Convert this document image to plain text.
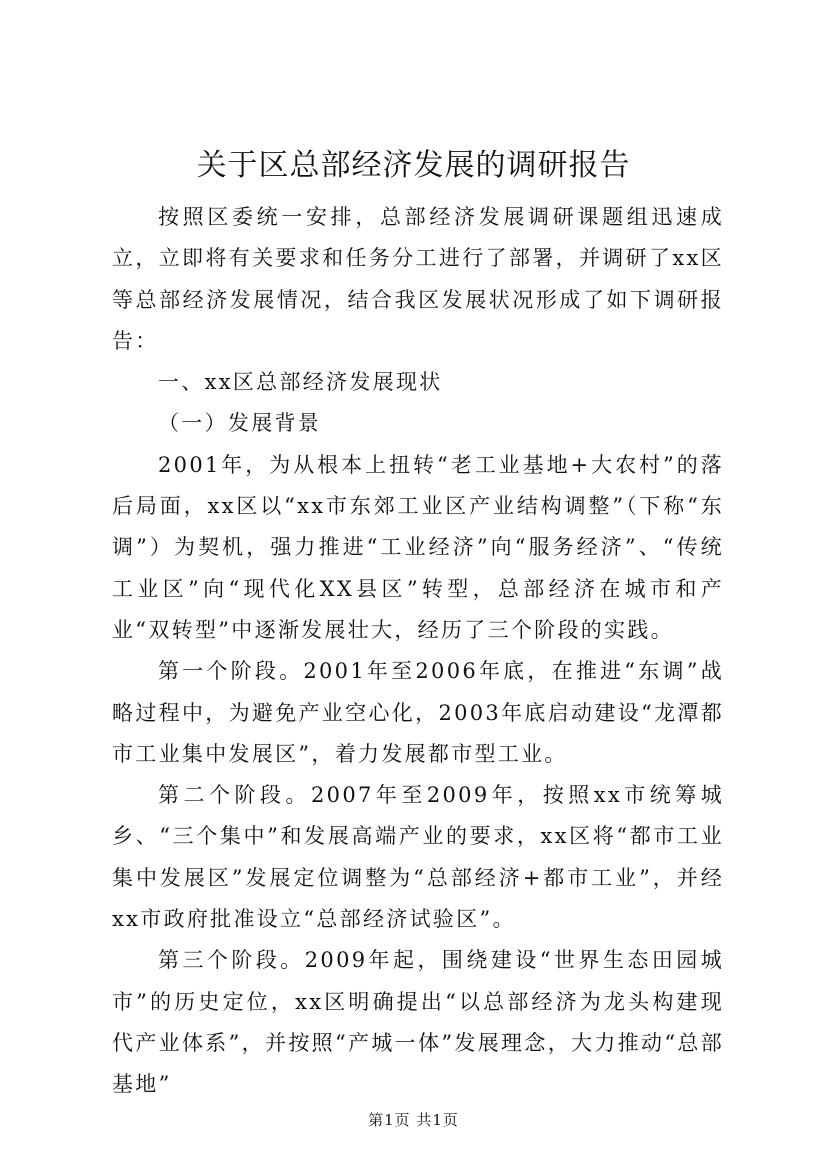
关于区总部经济发展的调研报告

按照区委统一安排，总部经济发展调研课题组迅速成立，立即将有关要求和任务分工进行了部署，并调研了xx区等总部经济发展情况，结合我区发展状况形成了如下调研报告：

一、xx区总部经济发展现状

（一）发展背景

2001年，为从根本上扭转“老工业基地+大农村”的落后局面，xx区以“xx市东郊工业区产业结构调整”（下称“东调”）为契机，强力推进“工业经济”向“服务经济”、“传统工业区”向“现代化XX县区”转型，总部经济在城市和产业“双转型”中逐渐发展壮大，经历了三个阶段的实践。

第一个阶段。2001年至2006年底，在推进“东调”战略过程中，为避免产业空心化，2003年底启动建设“龙潭都市工业集中发展区”，着力发展都市型工业。

第二个阶段。2007年至2009年，按照xx市统筹城乡、“三个集中”和发展高端产业的要求，xx区将“都市工业集中发展区”发展定位调整为“总部经济+都市工业”，并经xx市政府批准设立“总部经济试验区”。

第三个阶段。2009年起，围绕建设“世界生态田园城市”的历史定位，xx区明确提出“以总部经济为龙头构建现代产业体系”，并按照“产城一体”发展理念，大力推动“总部基地”

第1页 共1页
